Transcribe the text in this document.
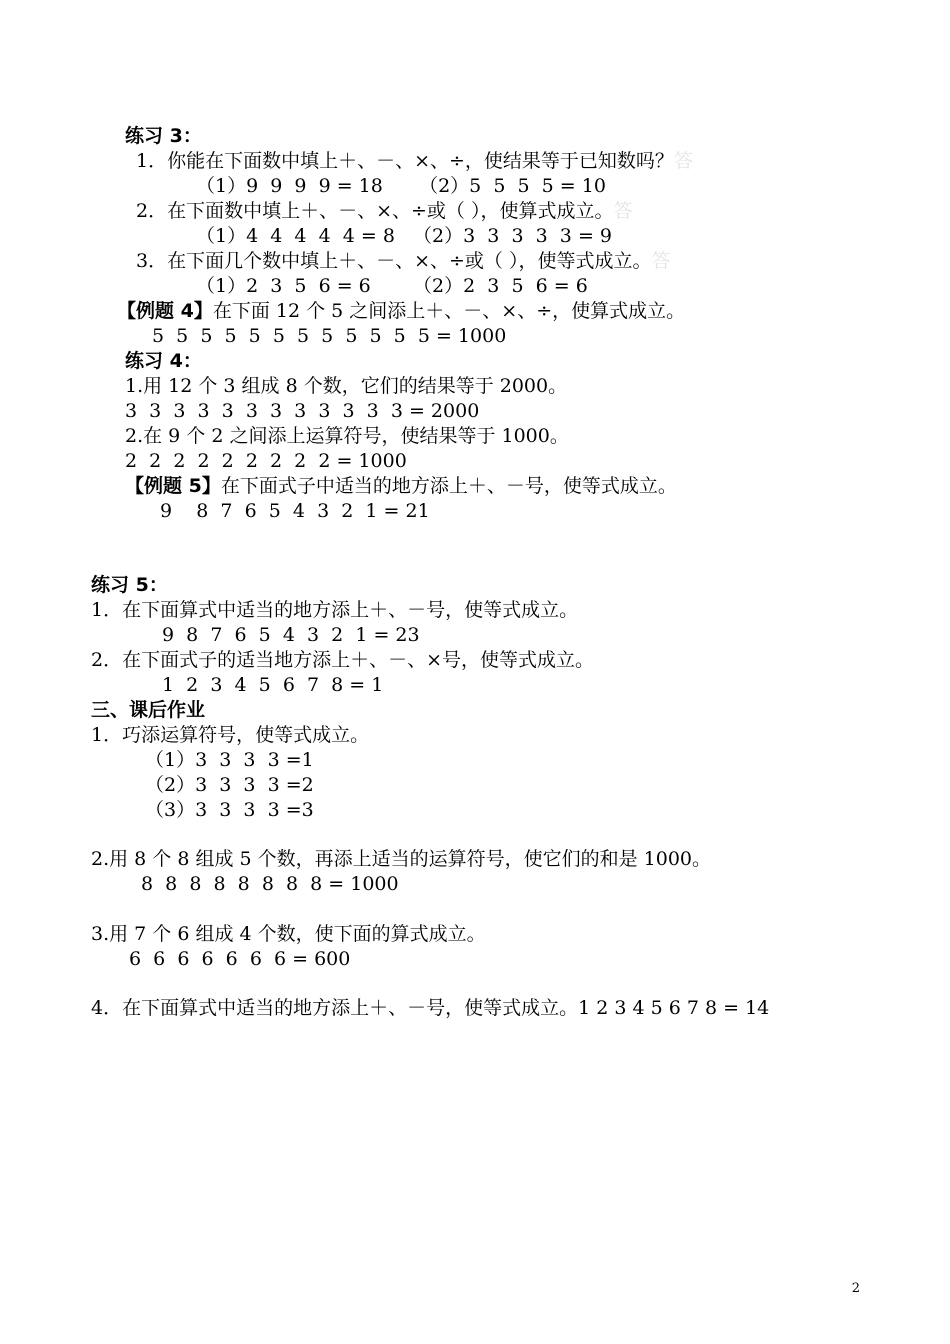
练习 3：
1．你能在下面数中填上＋、－、×、÷，使结果等于已知数吗？答
（1）9  9  9  9 = 18      （2）5  5  5  5 = 10
2．在下面数中填上＋、－、×、÷或（ ），使算式成立。答
（1）4  4  4  4  4 = 8   （2）3  3  3  3  3 = 9
3．在下面几个数中填上＋、－、×、÷或（ ），使等式成立。答
（1）2  3  5  6 = 6       （2）2  3  5  6 = 6
【例题 4】在下面 12 个 5 之间添上＋、－、×、÷，使算式成立。
5  5  5  5  5  5  5  5  5  5  5  5 = 1000
练习 4：
1.用 12 个 3 组成 8 个数，它们的结果等于 2000。
3  3  3  3  3  3  3  3  3  3  3  3 = 2000
2.在 9 个 2 之间添上运算符号，使结果等于 1000。
2  2  2  2  2  2  2  2  2 = 1000
【例题 5】在下面式子中适当的地方添上＋、－号，使等式成立。
9    8  7  6  5  4  3  2  1 = 21
练习 5：
1．在下面算式中适当的地方添上＋、－号，使等式成立。
9  8  7  6  5  4  3  2  1 = 23
2．在下面式子的适当地方添上＋、－、×号，使等式成立。
1  2  3  4  5  6  7  8 = 1
三、课后作业
1．巧添运算符号，使等式成立。
（1）3  3  3  3 =1
（2）3  3  3  3 =2
（3）3  3  3  3 =3
2.用 8 个 8 组成 5 个数，再添上适当的运算符号，使它们的和是 1000。
8  8  8  8  8  8  8  8 = 1000
3.用 7 个 6 组成 4 个数，使下面的算式成立。
6  6  6  6  6  6  6 = 600
4．在下面算式中适当的地方添上＋、－号，使等式成立。1 2 3 4 5 6 7 8 = 14
2
